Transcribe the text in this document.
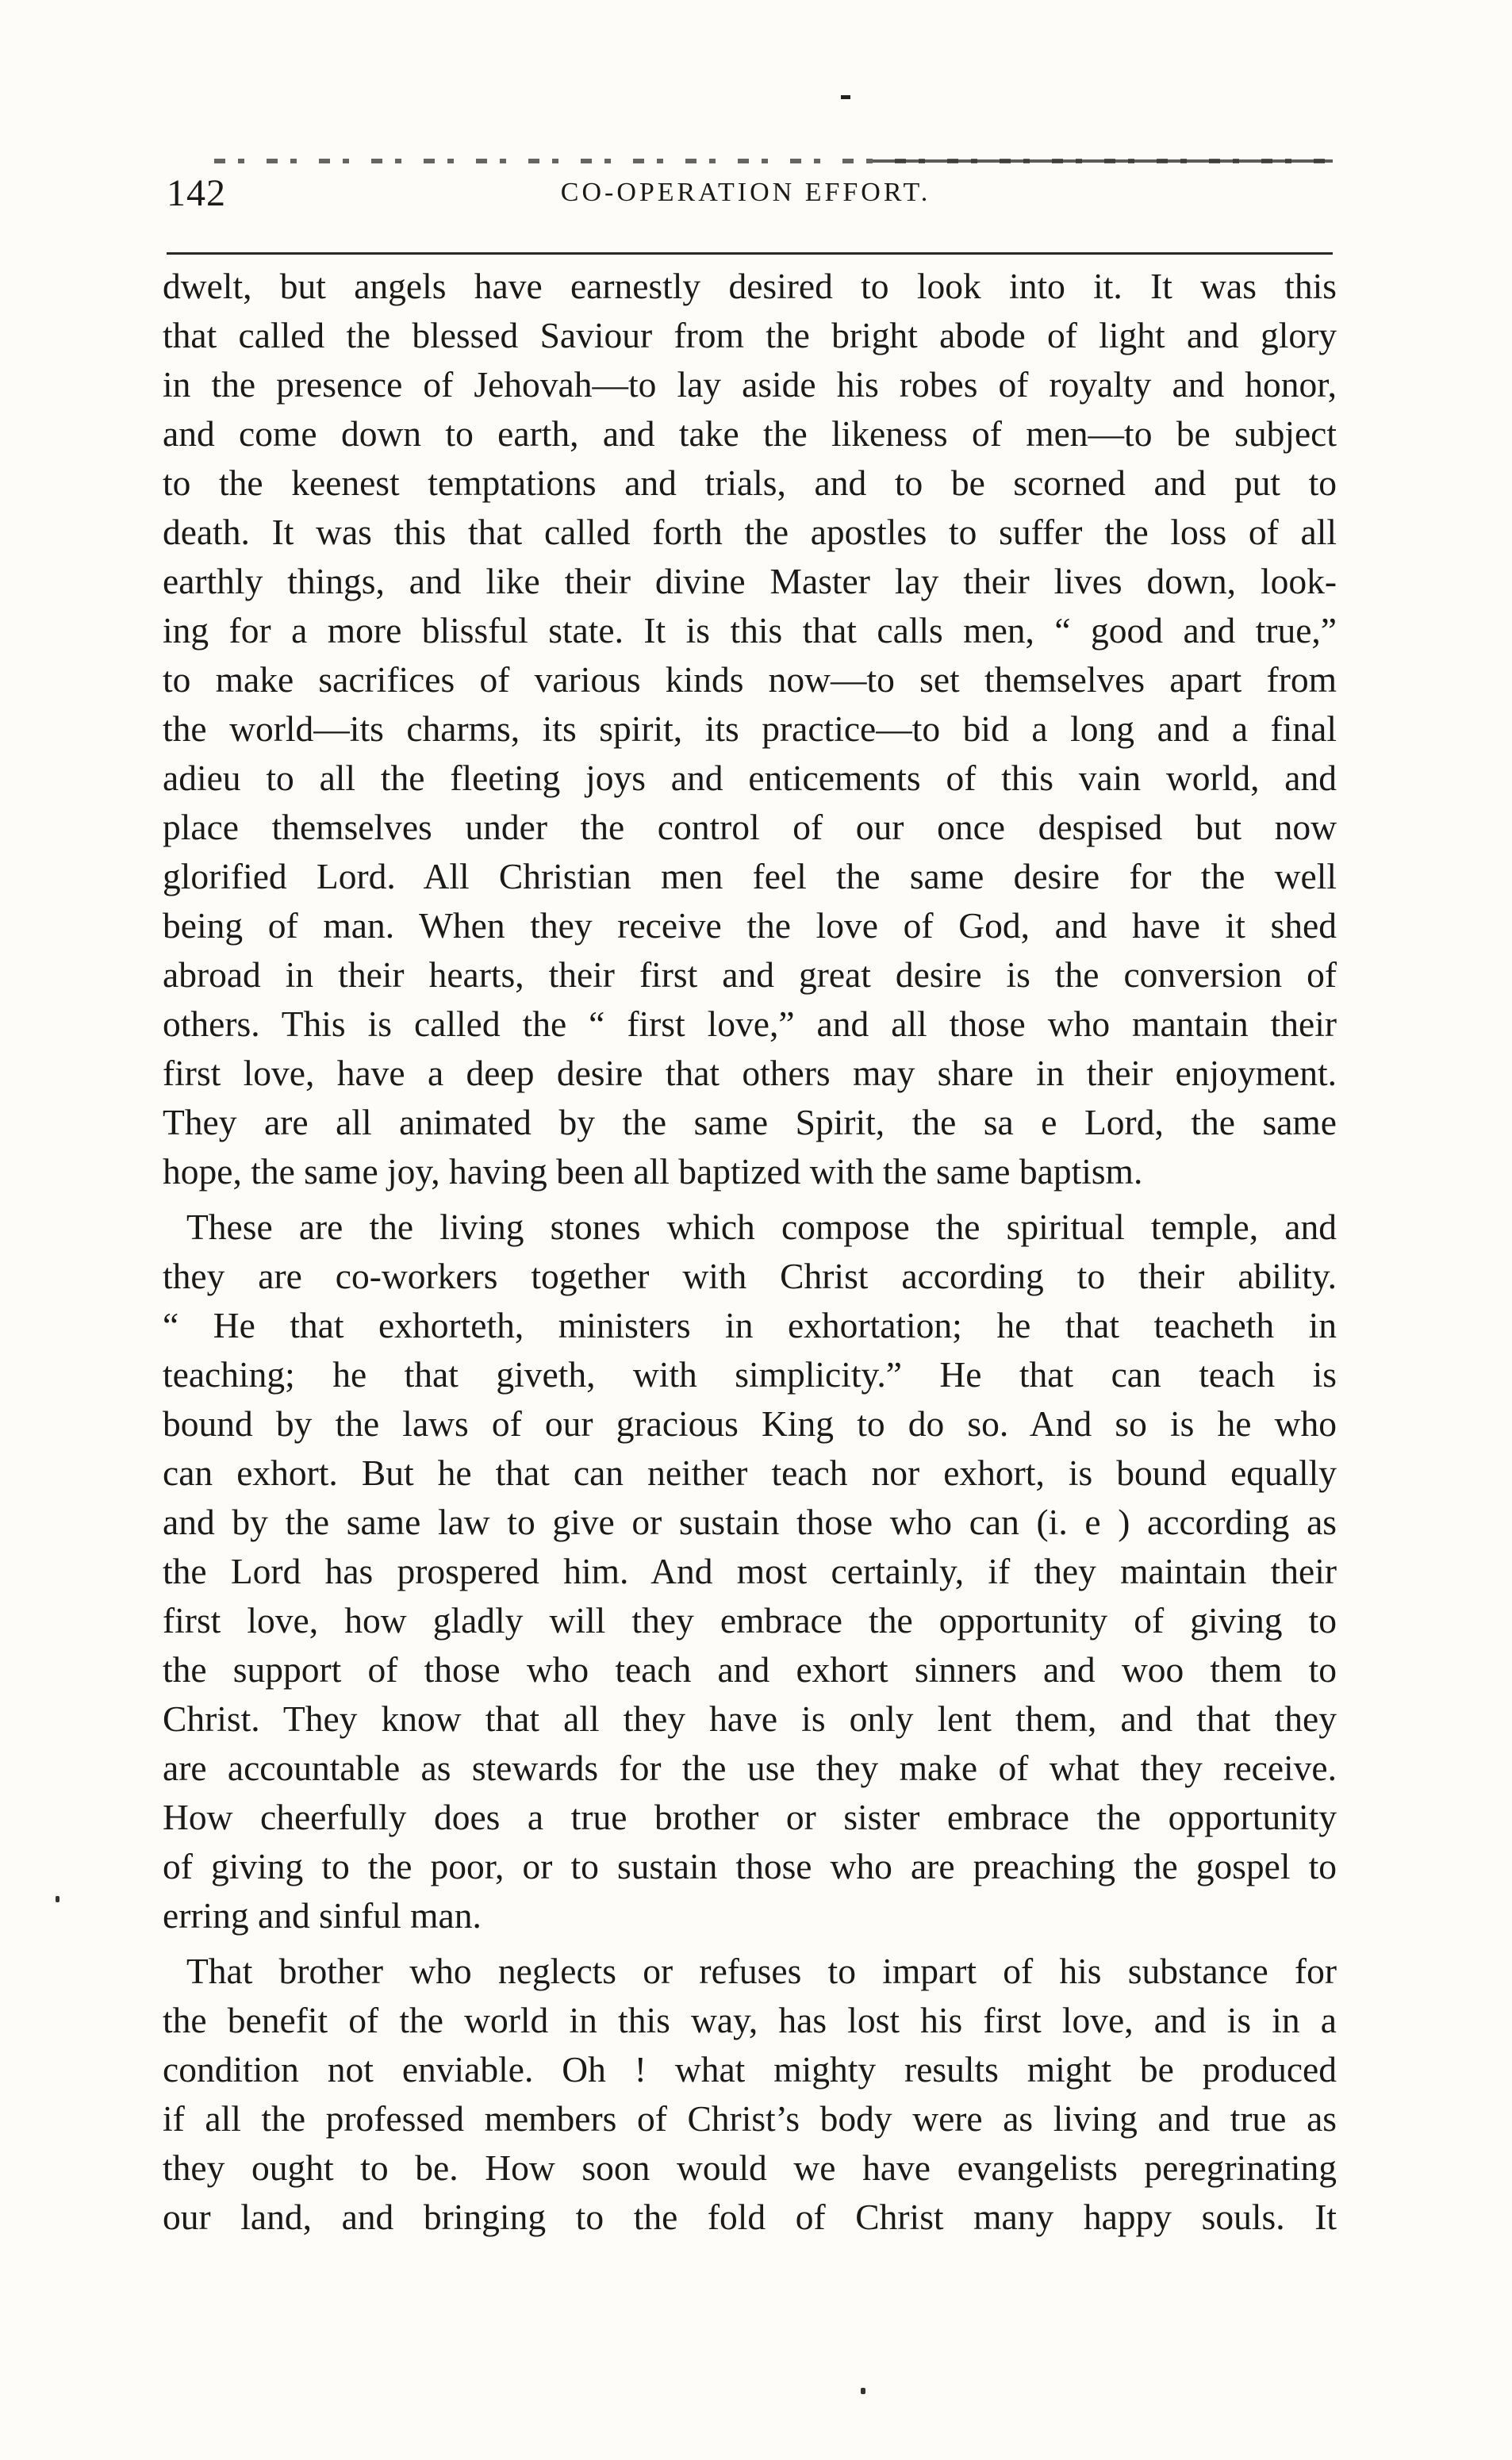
142	CO-OPERATION EFFORT.

dwelt, but angels have earnestly desired to look into it. It was this
that called the blessed Saviour from the bright abode of light and glory
in the presence of Jehovah—to lay aside his robes of royalty and honor,
and come down to earth, and take the likeness of men—to be subject
to the keenest temptations and trials, and to be scorned and put to
death. It was this that called forth the apostles to suffer the loss of all
earthly things, and like their divine Master lay their lives down, look-
ing for a more blissful state. It is this that calls men, “ good and true,”
to make sacrifices of various kinds now—to set themselves apart from
the world—its charms, its spirit, its practice—to bid a long and a final
adieu to all the fleeting joys and enticements of this vain world, and
place themselves under the control of our once despised but now
glorified Lord. All Christian men feel the same desire for the well
being of man. When they receive the love of God, and have it shed
abroad in their hearts, their first and great desire is the conversion of
others. This is called the “ first love,” and all those who mantain their
first love, have a deep desire that others may share in their enjoyment.
They are all animated by the same Spirit, the sa e Lord, the same
hope, the same joy, having been all baptized with the same baptism.

These are the living stones which compose the spiritual temple, and
they are co-workers together with Christ according to their ability.
“ He that exhorteth, ministers in exhortation; he that teacheth in
teaching; he that giveth, with simplicity.” He that can teach is
bound by the laws of our gracious King to do so. And so is he who
can exhort. But he that can neither teach nor exhort, is bound equally
and by the same law to give or sustain those who can (i. e ) according as
the Lord has prospered him. And most certainly, if they maintain their
first love, how gladly will they embrace the opportunity of giving to
the support of those who teach and exhort sinners and woo them to
Christ. They know that all they have is only lent them, and that they
are accountable as stewards for the use they make of what they receive.
How cheerfully does a true brother or sister embrace the opportunity
of giving to the poor, or to sustain those who are preaching the gospel to
erring and sinful man.

That brother who neglects or refuses to impart of his substance for
the benefit of the world in this way, has lost his first love, and is in a
condition not enviable. Oh ! what mighty results might be produced
if all the professed members of Christ’s body were as living and true as
they ought to be. How soon would we have evangelists peregrinating
our land, and bringing to the fold of Christ many happy souls. It
